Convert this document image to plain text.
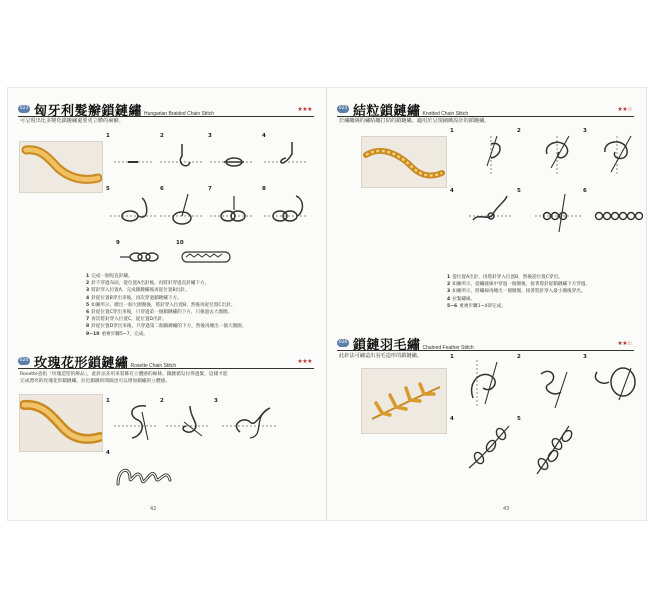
023 匈牙利髮辮鎖鏈繡 Hungarian Braided Chain Stitch
★★★
可呈現出比多變化鎖鏈繡還要更立體的麻辮。
1	2	3	4
5	6	7	8
9	10
1 完成一個短直針繡。
2 針不穿過布面，從位置A出針後，再將針穿過直針繡下方。
3 將針穿入位置A，完成鎖鏈繡後再從位置B出針。
4 針從位置B穿出來後，再次穿過鎖鏈繡下方。
5 如圖所示，總出一個大圈圈後，將針穿入位置B，然後再從位置C出針。
6 針從位置C穿出來後，只穿過第一個鎖鏈繡的下方，只換過去大圈圈。
7 再次將針穿入位置C，從位置D出針。
8 針從位置D穿出來後，只穿過第二個鎖鏈繡的下方，然後再總出一個大圈圈。
9~10 重複步驟5~7，完成。
024 玫瑰花形鎖鏈繡 Rosette Chain Stitch
★★★
Rosette意指「玫瑰造型的飾品」，此針法多用來裝飾有立體感的線條。鎖鏈循勾拉得過緊，這樣才能
完成漂亮的玫瑰花形鎖鏈繡。拉近鎖鏈的間隔也可以增加鎖繡的立體感。
1	2	3
4
42
025 結粒鎖鏈繡 Knotted Chain Stitch
★★☆
於繡纏繞的繡結纏打結的鎖鏈繡。適用於呈現細緻設計的鎖鏈繡。
1	2	3
4	5	6
1 從位置A出針，再將針穿入位置B，然後從位置C穿出。
2 如圖所示，從繡縫線中穿過一個圈後，接著將針從鎖鏈繡下方穿過。
3 如圖所示，將繡線再總出一個圈圈，接著將針穿入最小圈後穿出。
4 拉緊繡線。
5~6 重複步驟1~4即完成。
026 鎖鏈羽毛繡 Chained Feather Stitch
★★☆
此針法可繡造出羽毛造形的鎖鏈繡。	1	2	3
4	5
43
